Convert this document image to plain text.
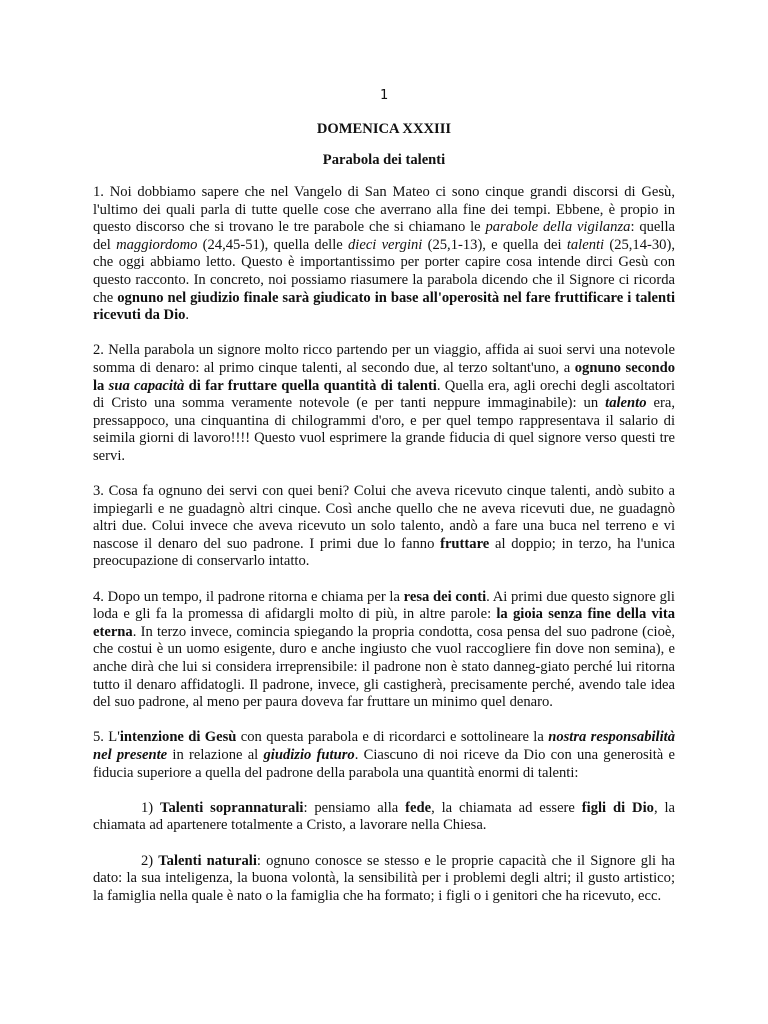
1
DOMENICA XXXIII
Parabola dei talenti

1. Noi dobbiamo sapere che nel Vangelo di San Mateo ci sono cinque grandi discorsi di Gesù, l'ultimo dei quali parla di tutte quelle cose che averrano alla fine dei tempi. Ebbene, è propio in questo discorso che si trovano le tre parabole che si chiamano le parabole della vigilanza: quella del maggiordomo (24,45-51), quella delle dieci vergini (25,1-13), e quella dei talenti (25,14-30), che oggi abbiamo letto. Questo è importantissimo per porter capire cosa intende dirci Gesù con questo racconto. In concreto, noi possiamo riasumere la parabola dicendo che il Signore ci ricorda che ognuno nel giudizio finale sarà giudicato in base all'operosità nel fare fruttificare i talenti ricevuti da Dio.

2. Nella parabola un signore molto ricco partendo per un viaggio, affida ai suoi servi una notevole somma di denaro: al primo cinque talenti, al secondo due, al terzo soltant'uno, a ognuno secondo la sua capacità di far fruttare quella quantità di talenti. Quella era, agli orechi degli ascoltatori di Cristo una somma veramente notevole (e per tanti neppure immaginabile): un talento era, pressappoco, una cinquantina di chilogrammi d'oro, e per quel tempo rappresentava il salario di seimila giorni di lavoro!!!! Questo vuol esprimere la grande fiducia di quel signore verso questi tre servi.

3. Cosa fa ognuno dei servi con quei beni? Colui che aveva ricevuto cinque talenti, andò subito a impiegarli e ne guadagnò altri cinque. Così anche quello che ne aveva ricevuti due, ne guadagnò altri due. Colui invece che aveva ricevuto un solo talento, andò a fare una buca nel terreno e vi nascose il denaro del suo padrone. I primi due lo fanno fruttare al doppio; in terzo, ha l'unica preocupazione di conservarlo intatto.

4. Dopo un tempo, il padrone ritorna e chiama per la resa dei conti. Ai primi due questo signore gli loda e gli fa la promessa di afidargli molto di più, in altre parole: la gioia senza fine della vita eterna. In terzo invece, comincia spiegando la propria condotta, cosa pensa del suo padrone (cioè, che costui è un uomo esigente, duro e anche ingiusto che vuol raccogliere fin dove non semina), e anche dirà che lui si considera irreprensibile: il padrone non è stato danneg-giato perché lui ritorna tutto il denaro affidatogli. Il padrone, invece, gli castigherà, precisamente perché, avendo tale idea del suo padrone, al meno per paura doveva far fruttare un minimo quel denaro.

5. L'intenzione di Gesù con questa parabola e di ricordarci e sottolineare la nostra responsabilità nel presente in relazione al giudizio futuro. Ciascuno di noi riceve da Dio con una generosità e fiducia superiore a quella del padrone della parabola una quantità enormi di talenti:

1) Talenti soprannaturali: pensiamo alla fede, la chiamata ad essere figli di Dio, la chiamata ad apartenere totalmente a Cristo, a lavorare nella Chiesa.

2) Talenti naturali: ognuno conosce se stesso e le proprie capacità che il Signore gli ha dato: la sua inteligenza, la buona volontà, la sensibilità per i problemi degli altri; il gusto artistico; la famiglia nella quale è nato o la famiglia che ha formato; i figli o i genitori che ha ricevuto, ecc.
